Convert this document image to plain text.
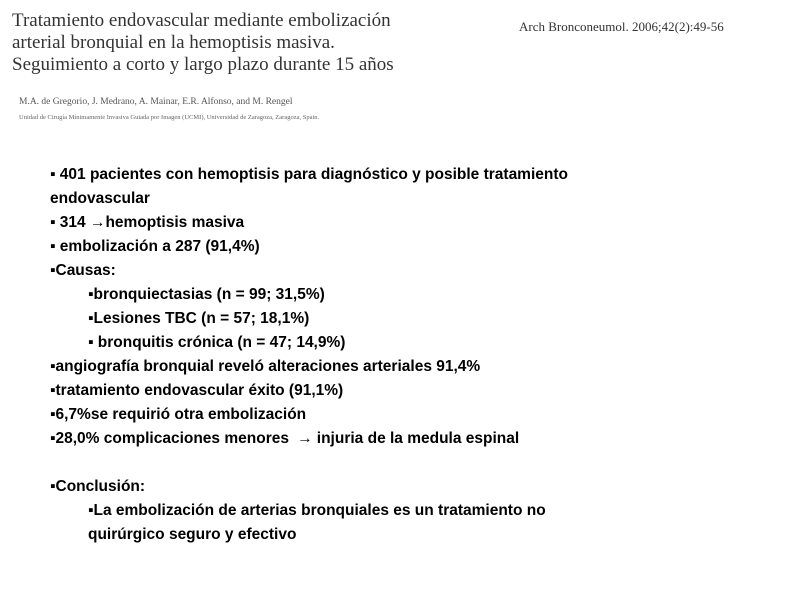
Tratamiento endovascular mediante embolización
arterial bronquial en la hemoptisis masiva.
Seguimiento a corto y largo plazo durante 15 años
Arch Bronconeumol. 2006;42(2):49-56
M.A. de Gregorio, J. Medrano, A. Mainar, E.R. Alfonso, and M. Rengel
Unidad de Cirugía Mínimamente Invasiva Guiada por Imagen (UCMI), Universidad de Zaragoza, Zaragoza, Spain.
▪ 401 pacientes con hemoptisis para diagnóstico y posible tratamiento
endovascular
▪ 314 →hemoptisis masiva
▪ embolización a 287 (91,4%)
▪Causas:
▪bronquiectasias (n = 99; 31,5%)
▪Lesiones TBC (n = 57; 18,1%)
▪ bronquitis crónica (n = 47; 14,9%)
▪angiografía bronquial reveló alteraciones arteriales 91,4%
▪tratamiento endovascular éxito (91,1%)
▪6,7%se requirió otra embolización
▪28,0% complicaciones menores → injuria de la medula espinal
▪Conclusión:
▪La embolización de arterias bronquiales es un tratamiento no
quirúrgico seguro y efectivo
